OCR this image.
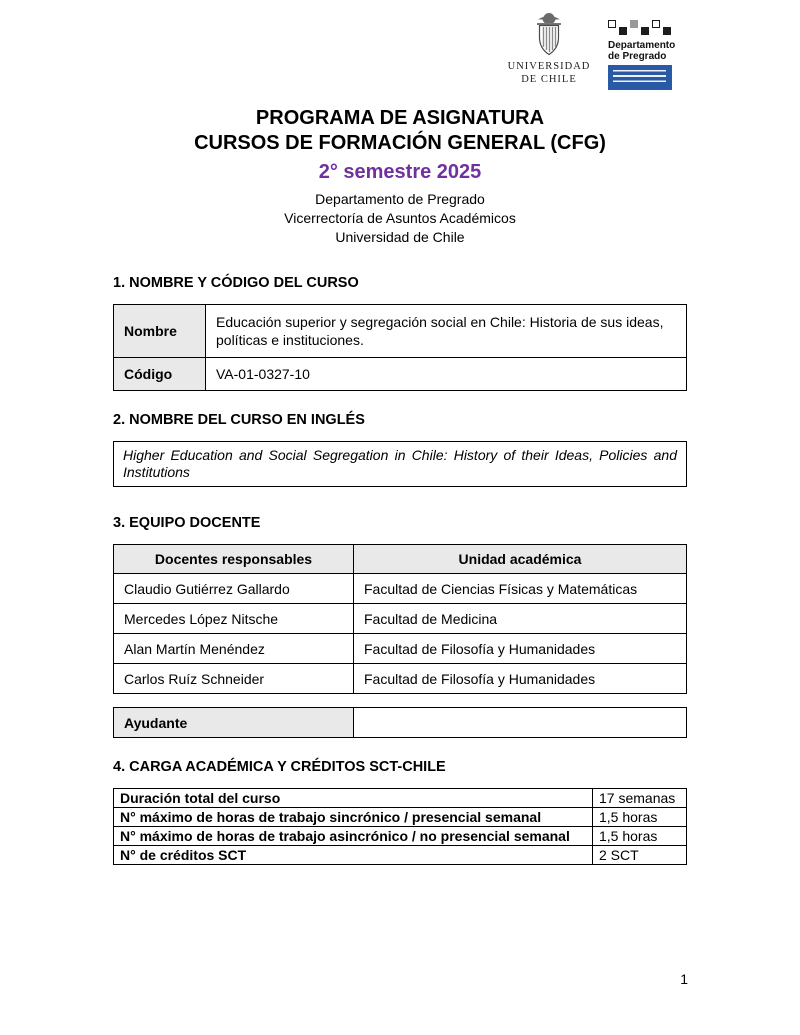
UNIVERSIDAD
DE CHILE
Departamento
de Pregrado
PROGRAMA DE ASIGNATURA
CURSOS DE FORMACIÓN GENERAL (CFG)
2° semestre 2025
Departamento de Pregrado
Vicerrectoría de Asuntos Académicos
Universidad de Chile
1. NOMBRE Y CÓDIGO DEL CURSO
Nombre	Educación superior y segregación social en Chile: Historia de sus ideas, políticas e instituciones.
Código	VA-01-0327-10
2. NOMBRE DEL CURSO EN INGLÉS
Higher Education and Social Segregation in Chile: History of their Ideas, Policies and Institutions
3. EQUIPO DOCENTE
Docentes responsables	Unidad académica
Claudio Gutiérrez Gallardo	Facultad de Ciencias Físicas y Matemáticas
Mercedes López Nitsche	Facultad de Medicina
Alan Martín Menéndez	Facultad de Filosofía y Humanidades
Carlos Ruíz Schneider	Facultad de Filosofía y Humanidades
Ayudante	
4. CARGA ACADÉMICA Y CRÉDITOS SCT-CHILE
Duración total del curso	17 semanas
N° máximo de horas de trabajo sincrónico / presencial semanal	1,5 horas
N° máximo de horas de trabajo asincrónico / no presencial semanal	1,5 horas
N° de créditos SCT	2 SCT
1
